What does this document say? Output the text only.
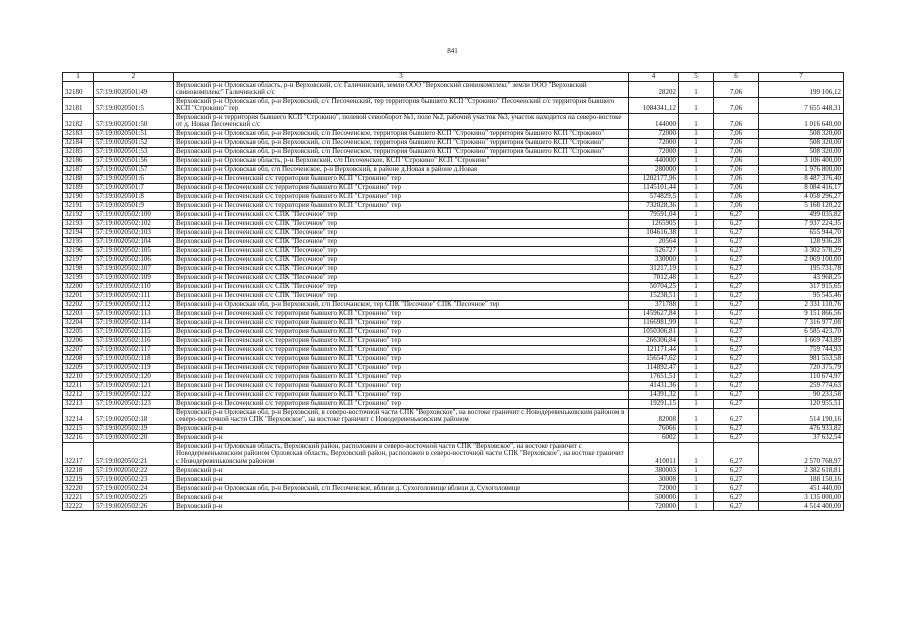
841
1	2	3	4	5	6	7
32180	57:19:0020501:49	Верховский р-н Орловская область, р-н Верховский, с/с Галичинский, земли ООО "Верховский свинокомплекс" земли ООО "Верховский свинокомплекс" Галичинский с/с	28202	1	7,06	199 106,12
32181	57:19:0020501:5	Верховский р-н Орловская обл, р-н Верховский, с/с Песоченский, тер территория бывшего КСП "Строкино" Песоченский с/с территория бывшего КСП "Строкино" тер	1084341,12	1	7,06	7 655 448,31
32182	57:19:0020501:50	Верховский р-н территория бывшего КСП "Строкино", полевой севооборот №1, поле №2, рабочий участок №3, участок находится на северо-востоке от д. Новая Песоченский с/с	144000	1	7,06	1 016 640,00
32183	57:19:0020501:51	Верховский р-н Орловская обл, р-н Верховский, с/п Песоченское, территория бывшего КСП "Строкино" территория бывшего КСП "Строкино"	72000	1	7,06	508 320,00
32184	57:19:0020501:52	Верховский р-н Орловская обл, р-н Верховский, с/п Песоченское, территория бывшего КСП "Строкино" территория бывшего КСП "Строкино"	72000	1	7,06	508 320,00
32185	57:19:0020501:53	Верховский р-н Орловская обл, р-н Верховский, с/п Песоченское, территория бывшего КСП "Строкино" территория бывшего КСП "Строкино"	72000	1	7,06	508 320,00
32186	57:19:0020501:56	Верховский р-н Орловская область, р-н Верховский, с/п Песоченское, КСП "Строкино" КСП "Строкино"	440000	1	7,06	3 106 400,00
32187	57:19:0020501:57	Верховский р-н Орловская обл, с/п Песоченское, р-н Верховский, в районе д.Новая в районе д.Новая	280000	1	7,06	1 976 800,00
32188	57:19:0020501:6	Верховский р-н Песоченский с/с территория бывшего КСП "Строкино" тер	1202177,96	1	7,06	8 487 376,40
32189	57:19:0020501:7	Верховский р-н Песоченский с/с территория бывшего КСП "Строкино" тер	1145101,44	1	7,06	8 084 416,17
32190	57:19:0020501:8	Верховский р-н Песоченский с/с территория бывшего КСП "Строкино" тер	574829,5	1	7,06	4 058 296,27
32191	57:19:0020501:9	Верховский р-н Песоченский с/с территория бывшего КСП "Строкино" тер	732028,36	1	7,06	5 168 120,22
32192	57:19:0020502:100	Верховский р-н Песоченский с/с СПК "Песочное" тер	79591,04	1	6,27	499 035,82
32193	57:19:0020502:102	Верховский р-н Песоченский с/с СПК "Песочное" тер	1265905	1	6,27	7 937 224,35
32194	57:19:0020502:103	Верховский р-н Песоченский с/с СПК "Песочное" тер	104616,38	1	6,27	655 944,70
32195	57:19:0020502:104	Верховский р-н Песоченский с/с СПК "Песочное" тер	20564	1	6,27	128 936,28
32196	57:19:0020502:105	Верховский р-н Песоченский с/с СПК "Песочное" тер	526727	1	6,27	3 302 578,29
32197	57:19:0020502:106	Верховский р-н Песоченский с/с СПК "Песочное" тер	330000	1	6,27	2 069 100,00
32198	57:19:0020502:107	Верховский р-н Песоченский с/с СПК "Песочное" тер	31217,19	1	6,27	195 731,78
32199	57:19:0020502:109	Верховский р-н Песоченский с/с СПК "Песочное" тер	7012,48	1	6,27	43 968,25
32200	57:19:0020502:110	Верховский р-н Песоченский с/с СПК "Песочное" тер	50704,25	1	6,27	317 915,65
32201	57:19:0020502:111	Верховский р-н Песоченский с/с СПК "Песочное" тер	15238,51	1	6,27	95 545,46
32202	57:19:0020502:112	Верховский р-н Орловская обл, р-н Верховский, с/п Песочанское, тер СПК "Песочное" СПК "Песочное" тер	371788	1	6,27	2 331 110,76
32203	57:19:0020502:113	Верховский р-н Песоченский с/с территория бывшего КСП "Строкино" тер	1459627,84	1	6,27	9 151 866,56
32204	57:19:0020502:114	Верховский р-н Песоченский с/с территория бывшего КСП "Строкино" тер	1166981,99	1	6,27	7 316 977,08
32205	57:19:0020502:115	Верховский р-н Песоченский с/с территория бывшего КСП "Строкино" тер	1050306,81	1	6,27	6 585 423,70
32206	57:19:0020502:116	Верховский р-н Песоченский с/с территория бывшего КСП "Строкино" тер	266306,84	1	6,27	1 669 743,89
32207	57:19:0020502:117	Верховский р-н Песоченский с/с территория бывшего КСП "Строкино" тер	121171,44	1	6,27	759 744,93
32208	57:19:0020502:118	Верховский р-н Песоченский с/с территория бывшего КСП "Строкино" тер	156547,62	1	6,27	981 553,58
32209	57:19:0020502:119	Верховский р-н Песоченский с/с территория бывшего КСП "Строкино" тер	114892,47	1	6,27	720 375,79
32210	57:19:0020502:120	Верховский р-н Песоченский с/с территория бывшего КСП "Строкино" тер	17651,51	1	6,27	110 674,97
32211	57:19:0020502:121	Верховский р-н Песоченский с/с территория бывшего КСП "Строкино" тер	41431,36	1	6,27	259 774,63
32212	57:19:0020502:122	Верховский р-н Песоченский с/с территория бывшего КСП "Строкино" тер	14391,32	1	6,27	90 233,58
32213	57:19:0020502:123	Верховский р-н Песоченский с/с территория бывшего КСП "Строкино" тер	19291,15	1	6,27	120 955,51
32214	57:19:0020502:18	Верховский р-н Орловская обл, р-н Верховский, в северо-восточной части СПК "Верховское", на востоке граничит с Новодеревеньковским районом в северо-восточной части СПК "Верховское", на востоке граничит с Новодеревеньковским районом	82008	1	6,27	514 190,16
32215	57:19:0020502:19	Верховский р-н	76066	1	6,27	476 933,82
32216	57:19:0020502:20	Верховский р-н	6002	1	6,27	37 632,54
32217	57:19:0020502:21	Верховский р-н Орловская область, Верховский район, расположен в северо-восточной части СПК "Верховское", на востоке граничит с Новодеревеньковским районом Орловская область, Верховский район, расположен в северо-восточной части СПК "Верховское", на востоке граничит с Новодеревеньковским районом	410011	1	6,27	2 570 768,97
32218	57:19:0020502:22	Верховский р-н	380003	1	6,27	2 382 618,81
32219	57:19:0020502:23	Верховский р-н	30008	1	6,27	188 150,16
32220	57:19:0020502:24	Верховский р-н Орловская обл, р-н Верховский, с/п Песоченское, вблизи д. Сухоголовище вблизи д. Сухоголовище	72000	1	6,27	451 440,00
32221	57:19:0020502:25	Верховский р-н	500000	1	6,27	3 135 000,00
32222	57:19:0020502:26	Верховский р-н	720000	1	6,27	4 514 400,00
